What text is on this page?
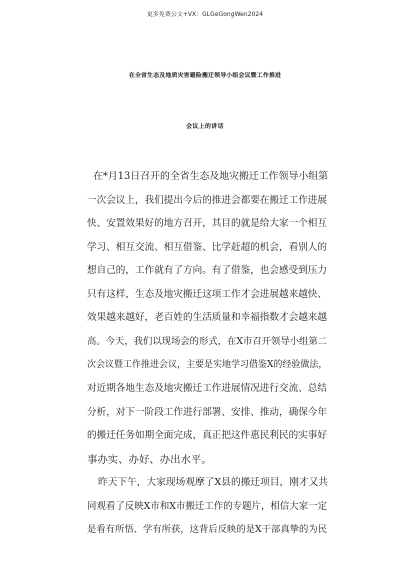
更多免费公文+VX：GLGeGongWen2024
在全省生态及地质灾害避险搬迁领导小组会议暨工作推进
会议上的讲话
在*月13日召开的全省生态及地灾搬迁工作领导小组第
一次会议上，我们提出今后的推进会都要在搬迁工作进展
快、安置效果好的地方召开，其目的就是给大家一个相互
学习、相互交流、相互借鉴、比学赶超的机会，看别人的
想自己的，工作就有了方向。有了借鉴，也会感受到压力
只有这样，生态及地灾搬迁这项工作才会进展越来越快、
效果越来越好，老百姓的生活质量和幸福指数才会越来越
高。今天，我们以现场会的形式，在X市召开领导小组第二
次会议暨工作推进会议，主要是实地学习借鉴X的经验做法，
对近期各地生态及地灾搬迁工作进展情况进行交流、总结
分析，对下一阶段工作进行部署、安排、推动，确保今年
的搬迁任务如期全面完成，真正把这件惠民利民的实事好
事办实、办好、办出水平。
昨天下午，大家现场观摩了X县的搬迁项目，刚才又共
同观看了反映X市和X市搬迁工作的专题片，相信大家一定
是看有所悟、学有所获，这背后反映的是X干部真挚的为民
